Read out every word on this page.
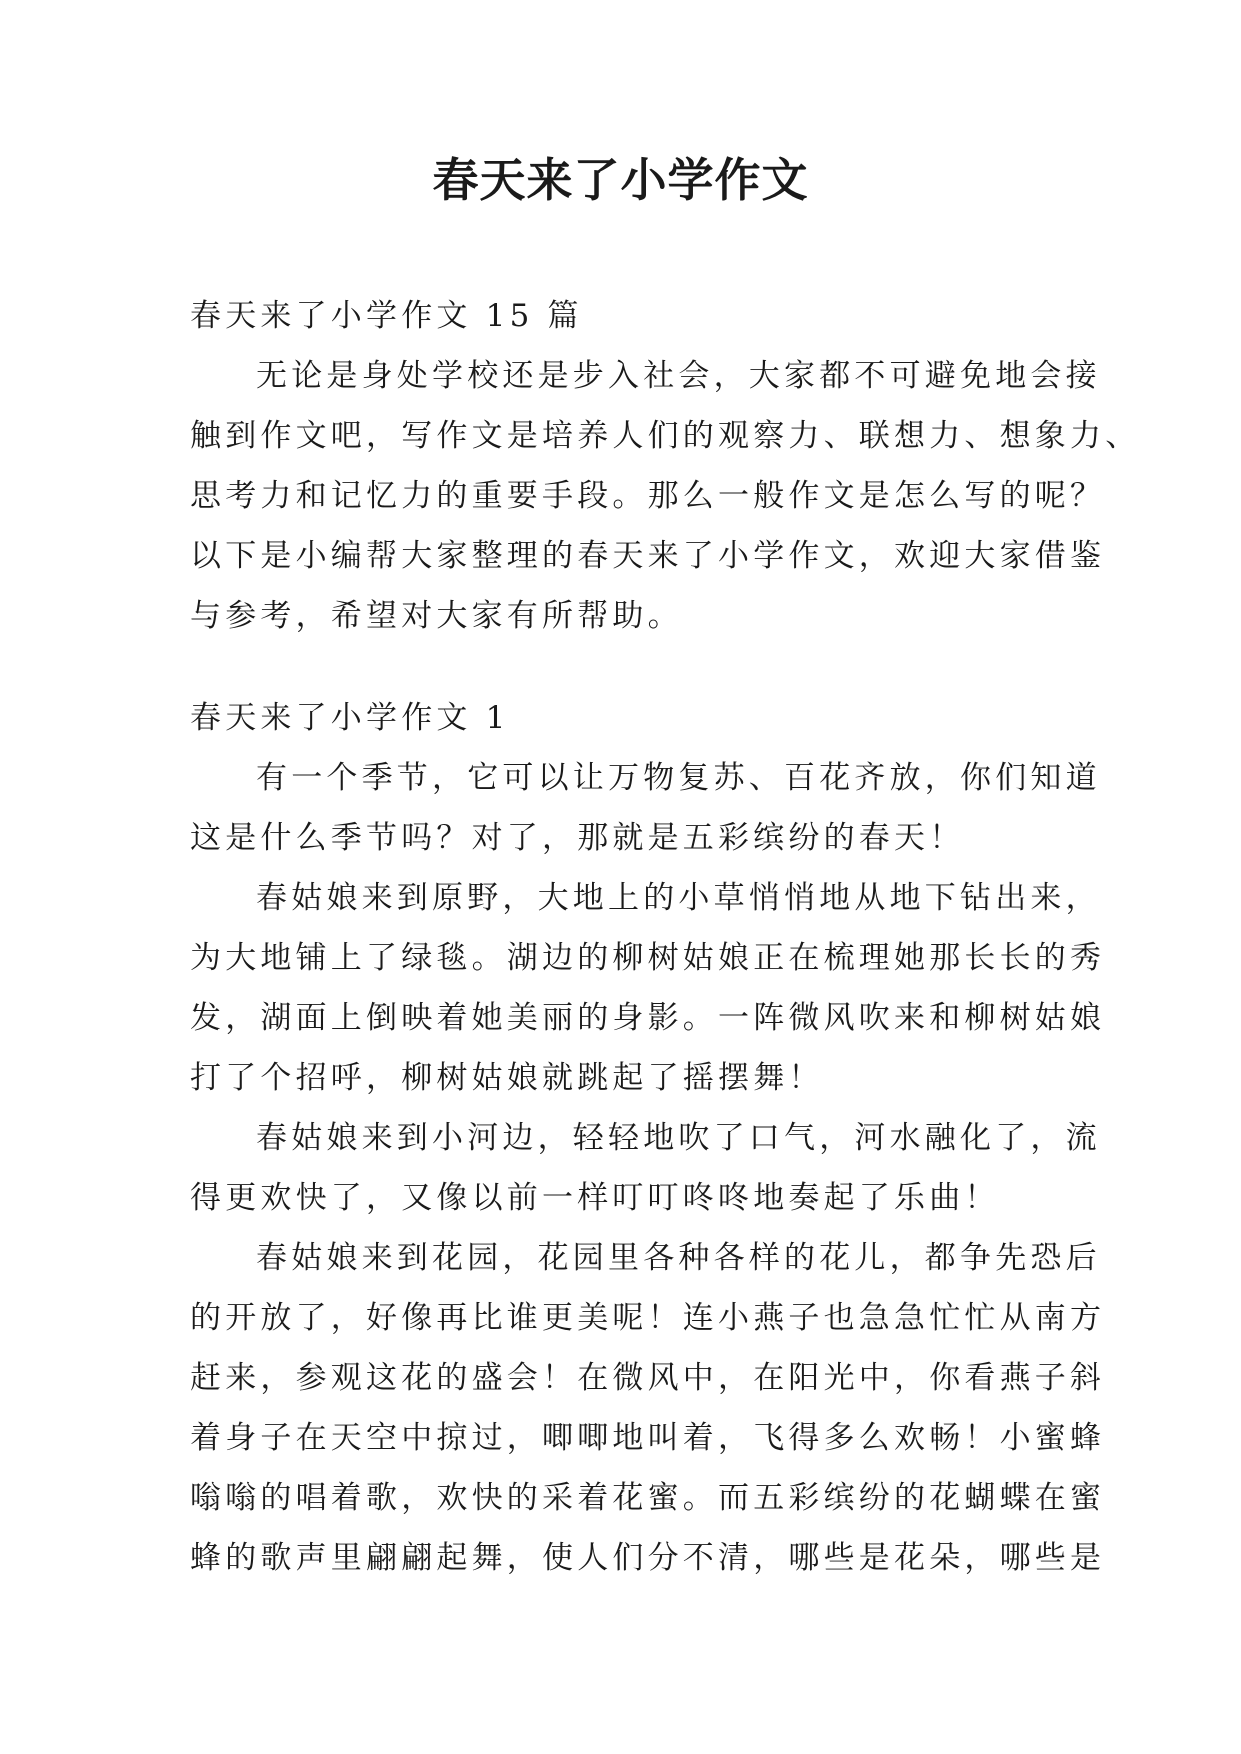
春天来了小学作文

春天来了小学作文 15 篇

无论是身处学校还是步入社会，大家都不可避免地会接

触到作文吧，写作文是培养人们的观察力、联想力、想象力、

思考力和记忆力的重要手段。那么一般作文是怎么写的呢？

以下是小编帮大家整理的春天来了小学作文，欢迎大家借鉴

与参考，希望对大家有所帮助。

春天来了小学作文 1

有一个季节，它可以让万物复苏、百花齐放，你们知道

这是什么季节吗？对了，那就是五彩缤纷的春天！

春姑娘来到原野，大地上的小草悄悄地从地下钻出来，

为大地铺上了绿毯。湖边的柳树姑娘正在梳理她那长长的秀

发，湖面上倒映着她美丽的身影。一阵微风吹来和柳树姑娘

打了个招呼，柳树姑娘就跳起了摇摆舞！

春姑娘来到小河边，轻轻地吹了口气，河水融化了，流

得更欢快了，又像以前一样叮叮咚咚地奏起了乐曲！

春姑娘来到花园，花园里各种各样的花儿，都争先恐后

的开放了，好像再比谁更美呢！连小燕子也急急忙忙从南方

赶来，参观这花的盛会！在微风中，在阳光中，你看燕子斜

着身子在天空中掠过，唧唧地叫着，飞得多么欢畅！小蜜蜂

嗡嗡的唱着歌，欢快的采着花蜜。而五彩缤纷的花蝴蝶在蜜

蜂的歌声里翩翩起舞，使人们分不清，哪些是花朵，哪些是
